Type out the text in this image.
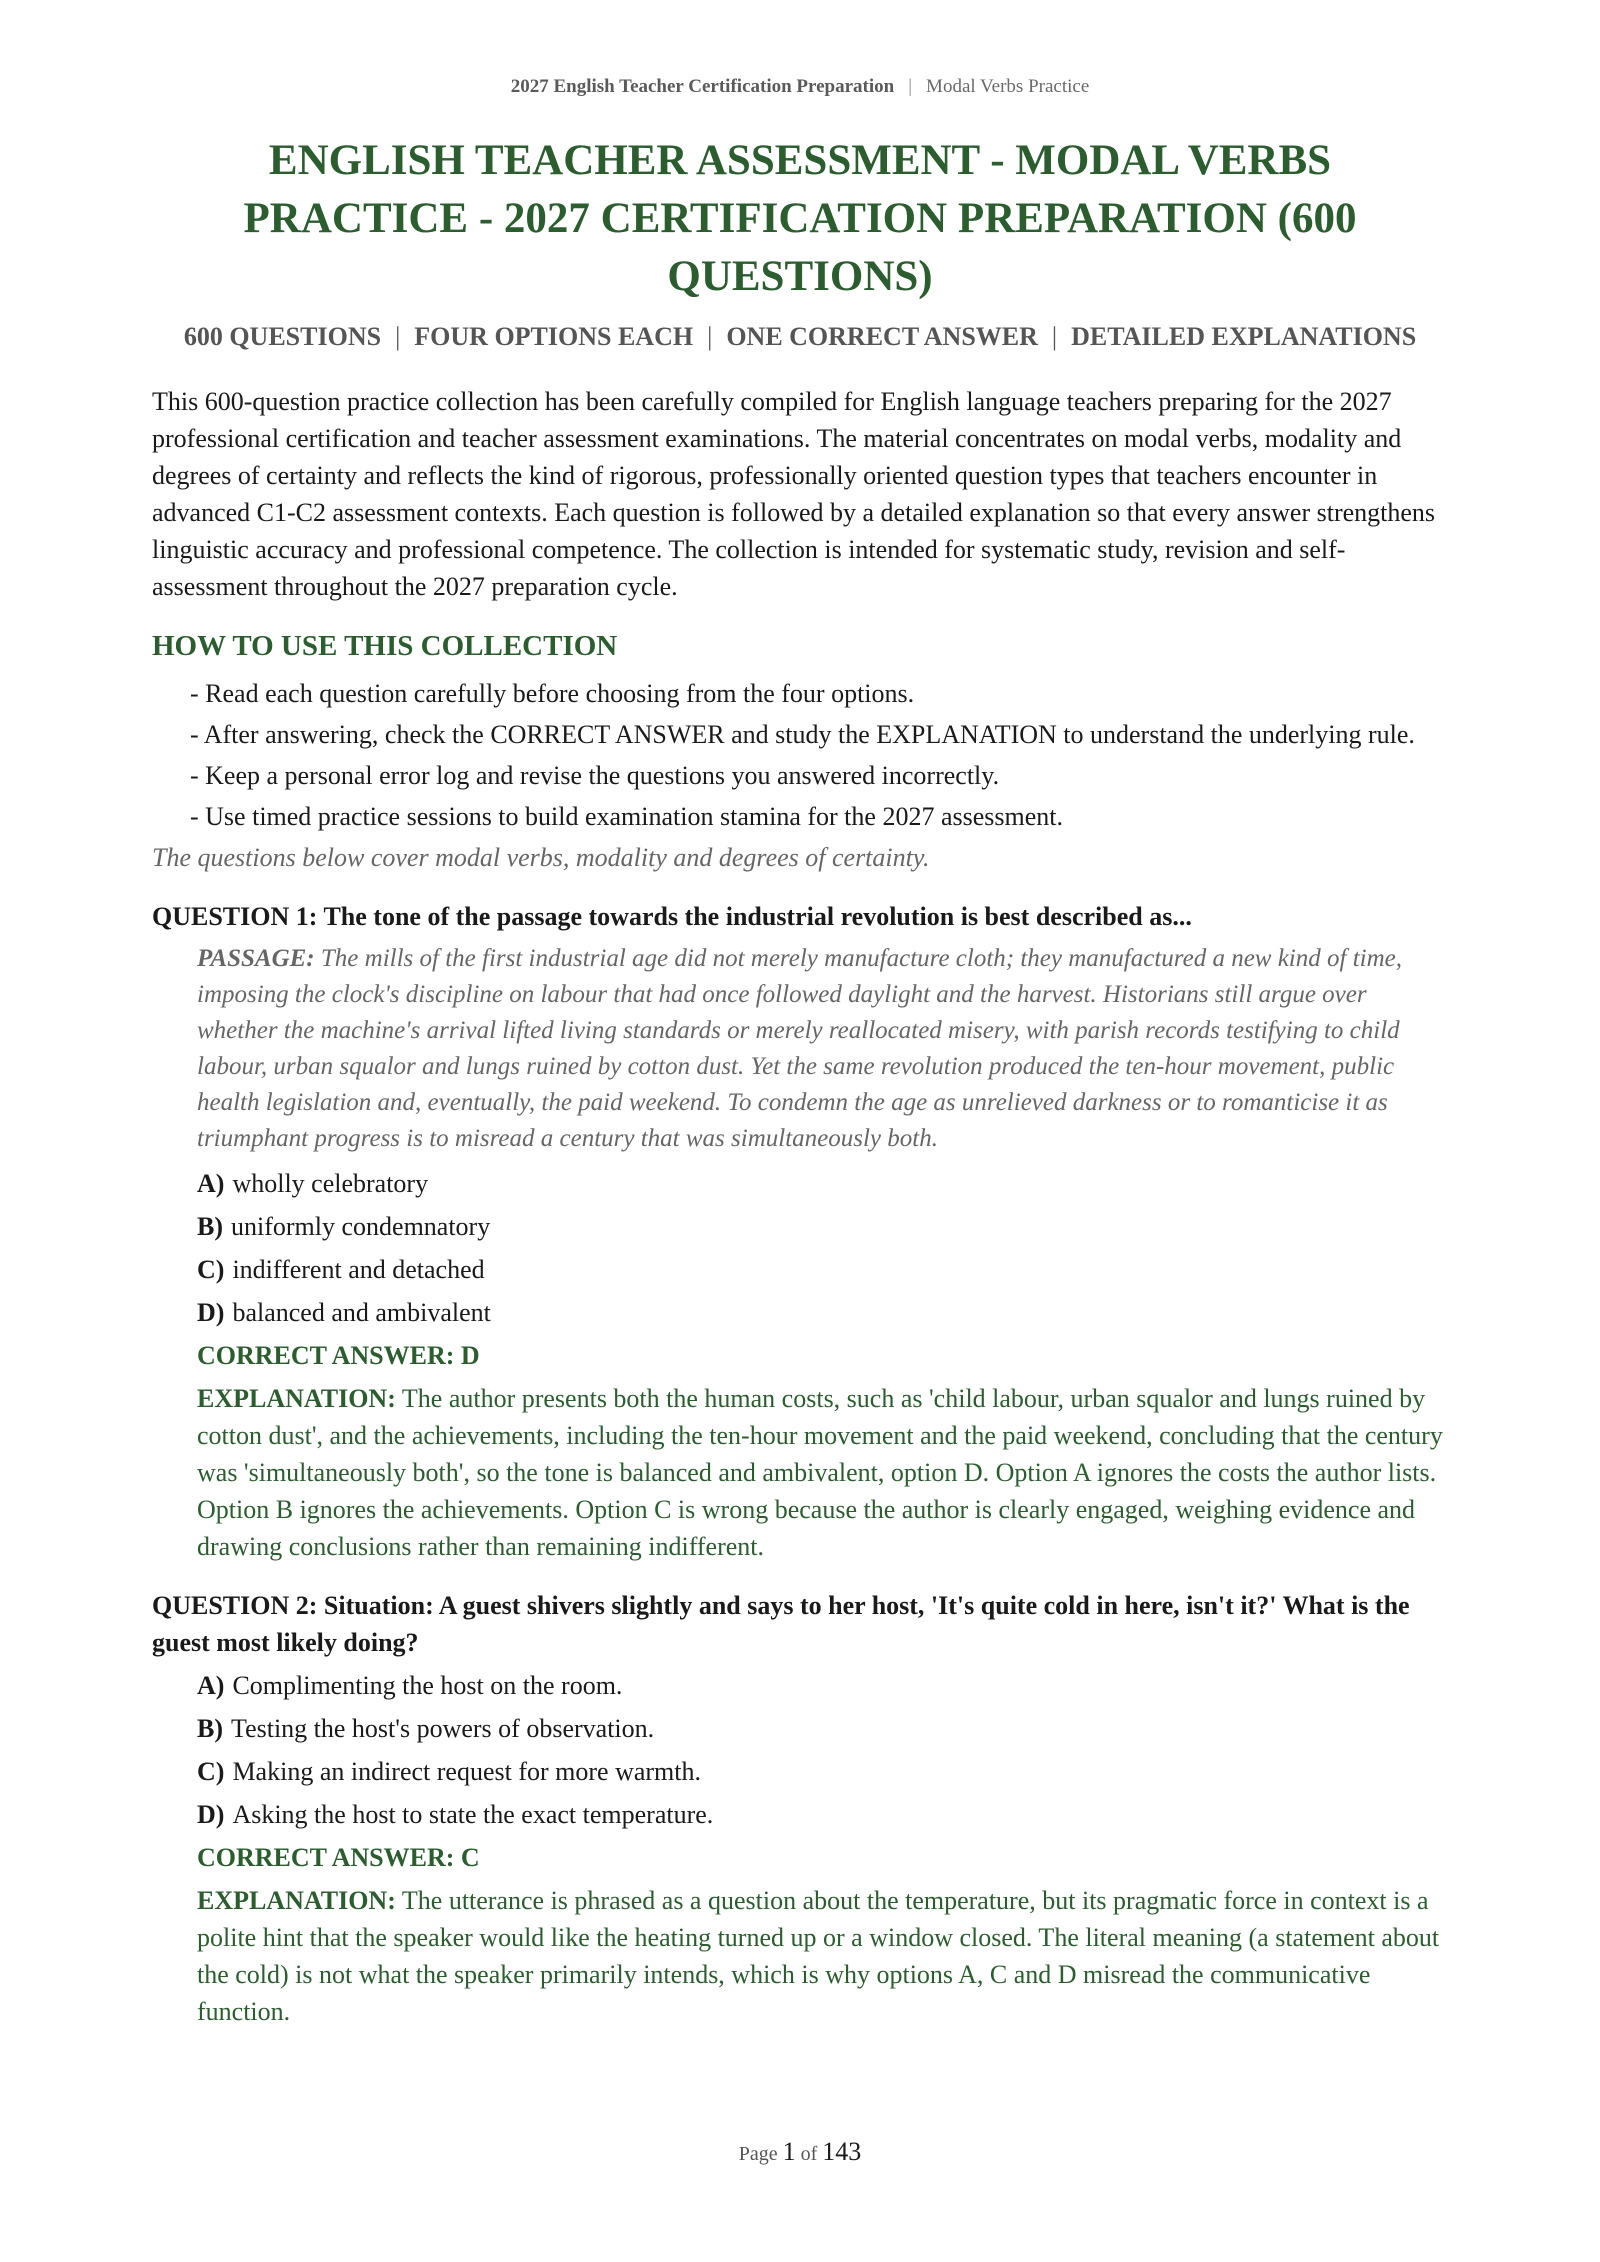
2027 English Teacher Certification Preparation | Modal Verbs Practice
ENGLISH TEACHER ASSESSMENT - MODAL VERBS PRACTICE - 2027 CERTIFICATION PREPARATION (600 QUESTIONS)
600 QUESTIONS | FOUR OPTIONS EACH | ONE CORRECT ANSWER | DETAILED EXPLANATIONS

This 600-question practice collection has been carefully compiled for English language teachers preparing for the 2027 professional certification and teacher assessment examinations. The material concentrates on modal verbs, modality and degrees of certainty and reflects the kind of rigorous, professionally oriented question types that teachers encounter in advanced C1-C2 assessment contexts. Each question is followed by a detailed explanation so that every answer strengthens linguistic accuracy and professional competence. The collection is intended for systematic study, revision and self-assessment throughout the 2027 preparation cycle.

HOW TO USE THIS COLLECTION
- Read each question carefully before choosing from the four options.
- After answering, check the CORRECT ANSWER and study the EXPLANATION to understand the underlying rule.
- Keep a personal error log and revise the questions you answered incorrectly.
- Use timed practice sessions to build examination stamina for the 2027 assessment.

The questions below cover modal verbs, modality and degrees of certainty.

QUESTION 1: The tone of the passage towards the industrial revolution is best described as...

PASSAGE: The mills of the first industrial age did not merely manufacture cloth; they manufactured a new kind of time, imposing the clock's discipline on labour that had once followed daylight and the harvest. Historians still argue over whether the machine's arrival lifted living standards or merely reallocated misery, with parish records testifying to child labour, urban squalor and lungs ruined by cotton dust. Yet the same revolution produced the ten-hour movement, public health legislation and, eventually, the paid weekend. To condemn the age as unrelieved darkness or to romanticise it as triumphant progress is to misread a century that was simultaneously both.

A) wholly celebratory
B) uniformly condemnatory
C) indifferent and detached
D) balanced and ambivalent

CORRECT ANSWER: D

EXPLANATION: The author presents both the human costs, such as 'child labour, urban squalor and lungs ruined by cotton dust', and the achievements, including the ten-hour movement and the paid weekend, concluding that the century was 'simultaneously both', so the tone is balanced and ambivalent, option D. Option A ignores the costs the author lists. Option B ignores the achievements. Option C is wrong because the author is clearly engaged, weighing evidence and drawing conclusions rather than remaining indifferent.

QUESTION 2: Situation: A guest shivers slightly and says to her host, 'It's quite cold in here, isn't it?' What is the guest most likely doing?

A) Complimenting the host on the room.
B) Testing the host's powers of observation.
C) Making an indirect request for more warmth.
D) Asking the host to state the exact temperature.

CORRECT ANSWER: C

EXPLANATION: The utterance is phrased as a question about the temperature, but its pragmatic force in context is a polite hint that the speaker would like the heating turned up or a window closed. The literal meaning (a statement about the cold) is not what the speaker primarily intends, which is why options A, C and D misread the communicative function.

Page 1 of 143
